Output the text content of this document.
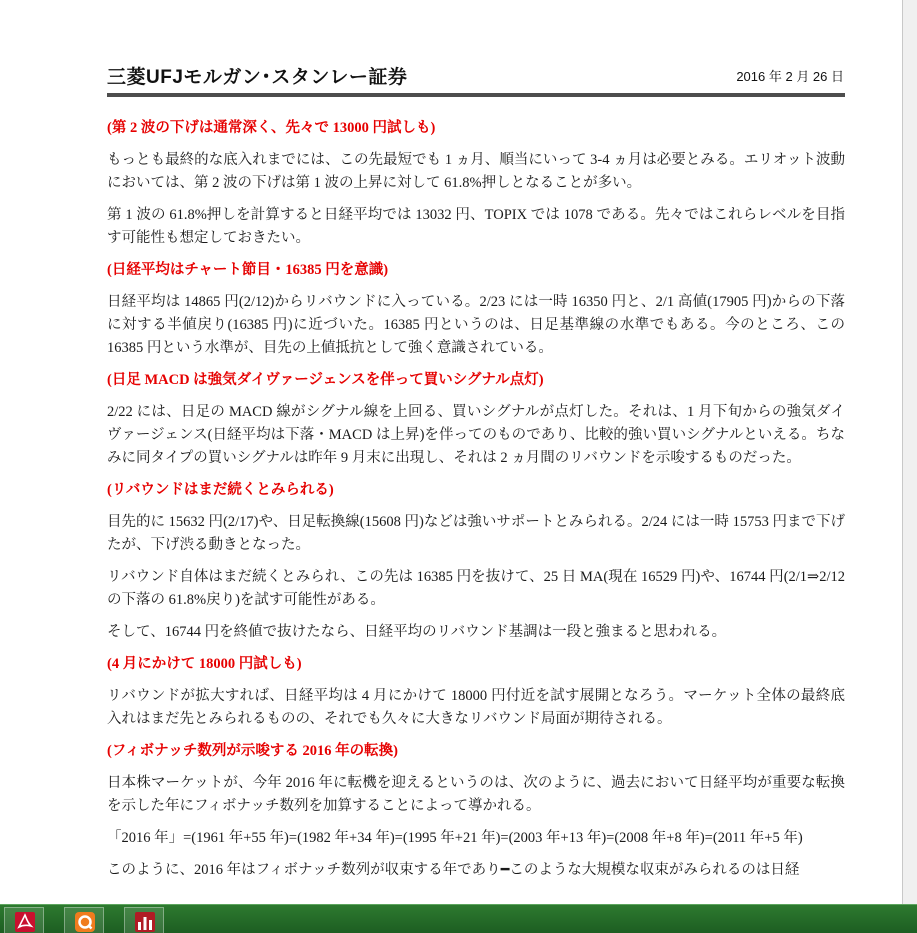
三菱UFJモルガン･スタンレー証券	2016 年 2 月 26 日
(第 2 波の下げは通常深く、先々で 13000 円試しも)
もっとも最終的な底入れまでには、この先最短でも 1 ヵ月、順当にいって 3-4 ヵ月は必要とみる。エリオット波動においては、第 2 波の下げは第 1 波の上昇に対して 61.8%押しとなることが多い。
第 1 波の 61.8%押しを計算すると日経平均では 13032 円、TOPIX では 1078 である。先々ではこれらレベルを目指す可能性も想定しておきたい。
(日経平均はチャート節目・16385 円を意識)
日経平均は 14865 円(2/12)からリバウンドに入っている。2/23 には一時 16350 円と、2/1 高値(17905 円)からの下落に対する半値戻り(16385 円)に近づいた。16385 円というのは、日足基準線の水準でもある。今のところ、この 16385 円という水準が、目先の上値抵抗として強く意識されている。
(日足 MACD は強気ダイヴァージェンスを伴って買いシグナル点灯)
2/22 には、日足の MACD 線がシグナル線を上回る、買いシグナルが点灯した。それは、1 月下旬からの強気ダイヴァージェンス(日経平均は下落・MACD は上昇)を伴ってのものであり、比較的強い買いシグナルといえる。ちなみに同タイプの買いシグナルは昨年 9 月末に出現し、それは 2 ヵ月間のリバウンドを示唆するものだった。
(リバウンドはまだ続くとみられる)
目先的に 15632 円(2/17)や、日足転換線(15608 円)などは強いサポートとみられる。2/24 には一時 15753 円まで下げたが、下げ渋る動きとなった。
リバウンド自体はまだ続くとみられ、この先は 16385 円を抜けて、25 日 MA(現在 16529 円)や、16744 円(2/1⇒2/12 の下落の 61.8%戻り)を試す可能性がある。
そして、16744 円を終値で抜けたなら、日経平均のリバウンド基調は一段と強まると思われる。
(4 月にかけて 18000 円試しも)
リバウンドが拡大すれば、日経平均は 4 月にかけて 18000 円付近を試す展開となろう。マーケット全体の最終底入れはまだ先とみられるものの、それでも久々に大きなリバウンド局面が期待される。
(フィボナッチ数列が示唆する 2016 年の転換)
日本株マーケットが、今年 2016 年に転機を迎えるというのは、次のように、過去において日経平均が重要な転換を示した年にフィボナッチ数列を加算することによって導かれる。
「2016 年」=(1961 年+55 年)=(1982 年+34 年)=(1995 年+21 年)=(2003 年+13 年)=(2008 年+8 年)=(2011 年+5 年)
このように、2016 年はフィボナッチ数列が収束する年であり━このような大規模な収束がみられるのは日経
